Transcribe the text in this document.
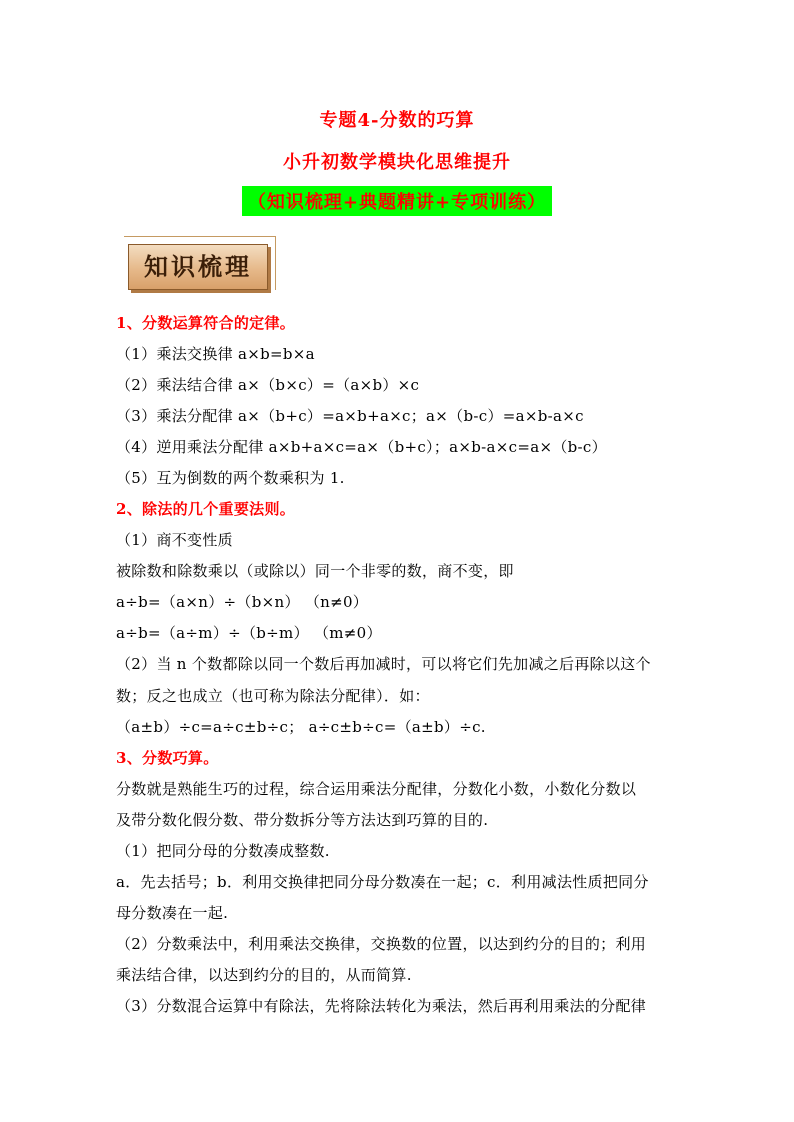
专题4-分数的巧算
小升初数学模块化思维提升
（知识梳理+典题精讲+专项训练）
知识梳理
1、分数运算符合的定律。
（1）乘法交换律 a×b=b×a
（2）乘法结合律 a×（b×c）=（a×b）×c
（3）乘法分配律 a×（b+c）=a×b+a×c；a×（b-c）=a×b-a×c
（4）逆用乘法分配律 a×b+a×c=a×（b+c）；a×b-a×c=a×（b-c）
（5）互为倒数的两个数乘积为 1.
2、除法的几个重要法则。
（1）商不变性质
被除数和除数乘以（或除以）同一个非零的数，商不变，即
a÷b=（a×n）÷（b×n） （n≠0）
a÷b=（a÷m）÷（b÷m） （m≠0）
（2）当 n 个数都除以同一个数后再加减时，可以将它们先加减之后再除以这个
数；反之也成立（也可称为除法分配律）．如：
（a±b）÷c=a÷c±b÷c； a÷c±b÷c=（a±b）÷c.
3、分数巧算。
分数就是熟能生巧的过程，综合运用乘法分配律，分数化小数，小数化分数以
及带分数化假分数、带分数拆分等方法达到巧算的目的.
（1）把同分母的分数凑成整数.
a．先去括号；b．利用交换律把同分母分数凑在一起；c．利用减法性质把同分
母分数凑在一起.
（2）分数乘法中，利用乘法交换律，交换数的位置，以达到约分的目的；利用
乘法结合律，以达到约分的目的，从而简算.
（3）分数混合运算中有除法，先将除法转化为乘法，然后再利用乘法的分配律
